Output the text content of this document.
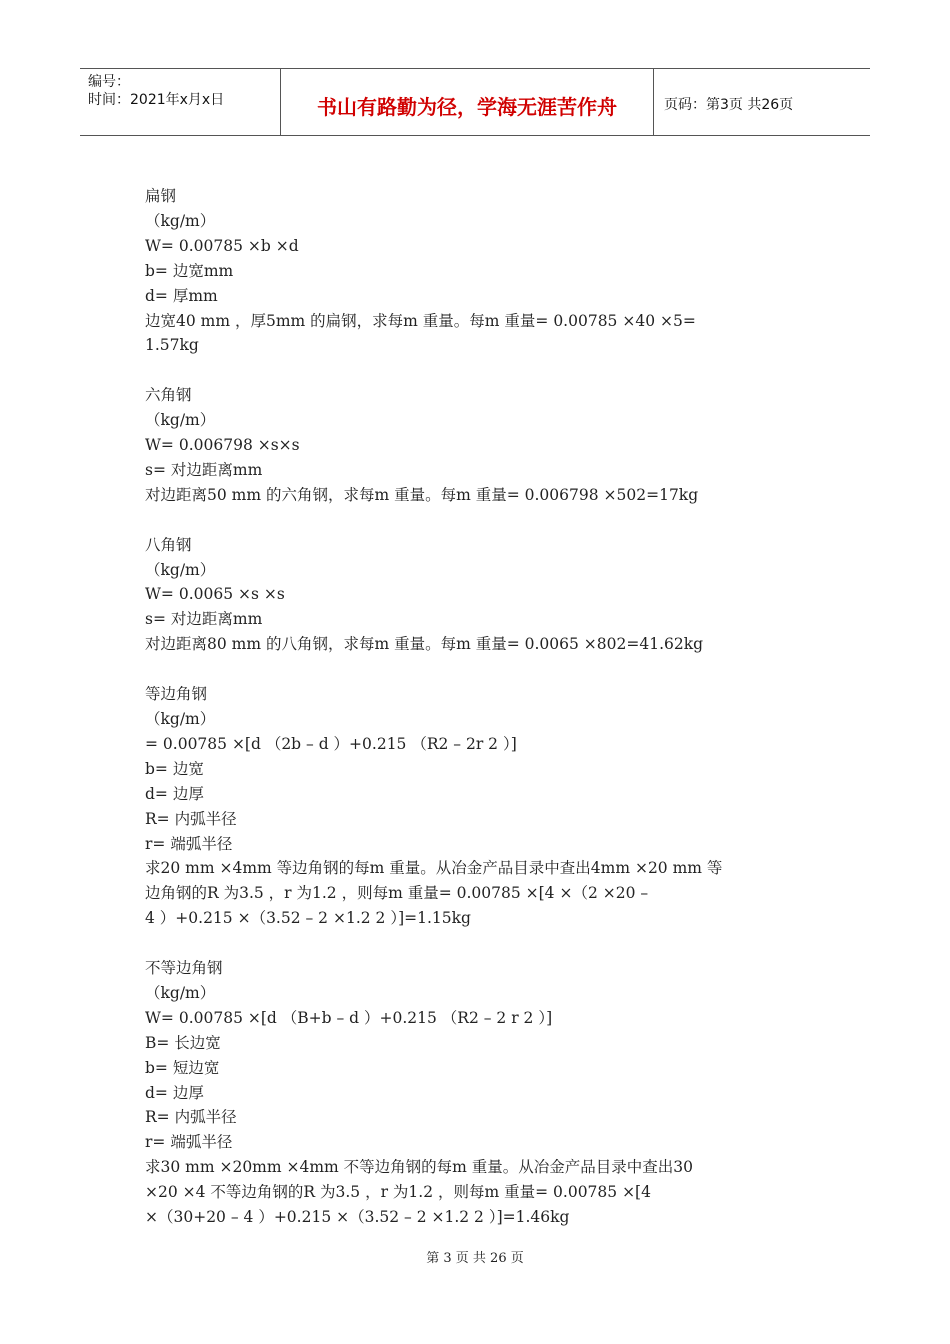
编号：
时间：2021年x月x日	书山有路勤为径，学海无涯苦作舟	页码：第3页 共26页

扁钢

（kg/m）

W= 0.00785 ×b ×d

b= 边宽mm

d= 厚mm

边宽40 mm ，厚5mm 的扁钢，求每m 重量。每m 重量= 0.00785 ×40 ×5=

1.57kg

六角钢

（kg/m）

W= 0.006798 ×s×s

s= 对边距离mm

对边距离50 mm 的六角钢，求每m 重量。每m 重量= 0.006798 ×502=17kg

八角钢

（kg/m）

W= 0.0065 ×s ×s

s= 对边距离mm

对边距离80 mm 的八角钢，求每m 重量。每m 重量= 0.0065 ×802=41.62kg

等边角钢

（kg/m）

= 0.00785 ×[d （2b – d ）+0.215 （R2 – 2r 2 ）]

b= 边宽

d= 边厚

R= 内弧半径

r= 端弧半径

求20 mm ×4mm 等边角钢的每m 重量。从冶金产品目录中查出4mm ×20 mm 等

边角钢的R 为3.5 ，r 为1.2 ，则每m 重量= 0.00785 ×[4 ×（2 ×20 –

4 ）+0.215 ×（3.52 – 2 ×1.2 2 ）]=1.15kg

不等边角钢

（kg/m）

W= 0.00785 ×[d （B+b – d ）+0.215 （R2 – 2 r 2 ）]

B= 长边宽

b= 短边宽

d= 边厚

R= 内弧半径

r= 端弧半径

求30 mm ×20mm ×4mm 不等边角钢的每m 重量。从冶金产品目录中查出30

×20 ×4 不等边角钢的R 为3.5 ，r 为1.2 ，则每m 重量= 0.00785 ×[4

×（30+20 – 4 ）+0.215 ×（3.52 – 2 ×1.2 2 ）]=1.46kg

第 3 页 共 26 页
